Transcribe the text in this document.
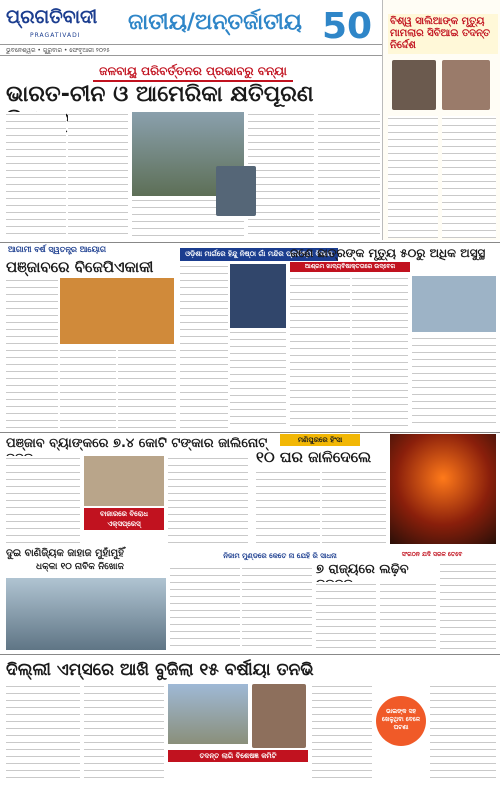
ପ୍ରଗତିବାଦୀ
PRAGATIVADI
ଜାତୀୟ/ଅନ୍ତର୍ଜାତୀୟ 50
ଭୁବନେଶ୍ୱର • ଗୁରୁବାର • ଫେବୃଆରୀ ୨୦୨୫
ବିଶ୍ୱ ସାଲିଆଙ୍କ ମୃତ୍ୟୁ ମାମଲାର ସିବିଆଇ ତଦନ୍ତ ନିର୍ଦ୍ଦେଶ
ଜଳବାୟୁ ପରିବର୍ତ୍ତନର ପ୍ରଭାବରୁ ବନ୍ୟା
ଭାରତ-ଚୀନ ଓ ଆମେରିକା କ୍ଷତିପୂରଣ
ଆଗାମୀ ବର୍ଷ ସ୍ୱତନ୍ତ୍ର ଆୟୋଗ
ପଞ୍ଜାବରେ ବିଜେପିଏକାକୀ
ଓଡ଼ିଶା ମାର୍ଗରେ ହିନ୍ଦୁ ନିଷ୍ଠା ଗାଁ ମନ୍ଦିର ପ୍ରତିଷ୍ଠା ବିଭାଗ
ଜଣେ ଛାତ୍ରଙ୍କ ମୃତ୍ୟୁ ୫୦ରୁ ଅଧିକ ଅସୁସ୍ଥ
ଆଶ୍ରମ ଖାଦ୍ୟବିଷାକ୍ତତାରେ ଉଦ୍‌ବେଗ
ପଞ୍ଜାବ ବ୍ୟାଙ୍କରେ ୭.୪ କୋଟି ଟଙ୍କାର ଜାଲିନୋଟ୍
ବାଜାରରେ ବିରୋଧ ଏକ୍ସପ୍ରେସ୍
ମଣିପୁରରେ ହିଂସା
୧୦ ଘର ଜାଳିଦେଲେ
ଦୁଇ ବାଣିଜ୍ୟିକ ଜାହାଜ ମୁହାଁମୁହିଁ
ଧକ୍କା ୧୦ ନାବିକ ନିଖୋଜ
ନିଜାମ ମୁଣ୍ଡରେ କେତେ ନା ଯେହି ରି ସାଧନା	ସଂଗଠନ ଯଦି ସରଳ ତେବେ
୭ ରାଜ୍ୟରେ ଲଢ଼ିବ
ଦିଲ୍ଲୀ ଏମ୍‌ସରେ ଆଖି ବୁଜିଲା ୧୫ ବର୍ଷୀୟା ତନଭି
ତଦନ୍ତ ଲାଗି ବିଶେଷଜ୍ଞ କମିଟି
ଭାଇଙ୍କ ସହ ଖେଳୁଥିବା ବେଳେ ଘଟଣା
